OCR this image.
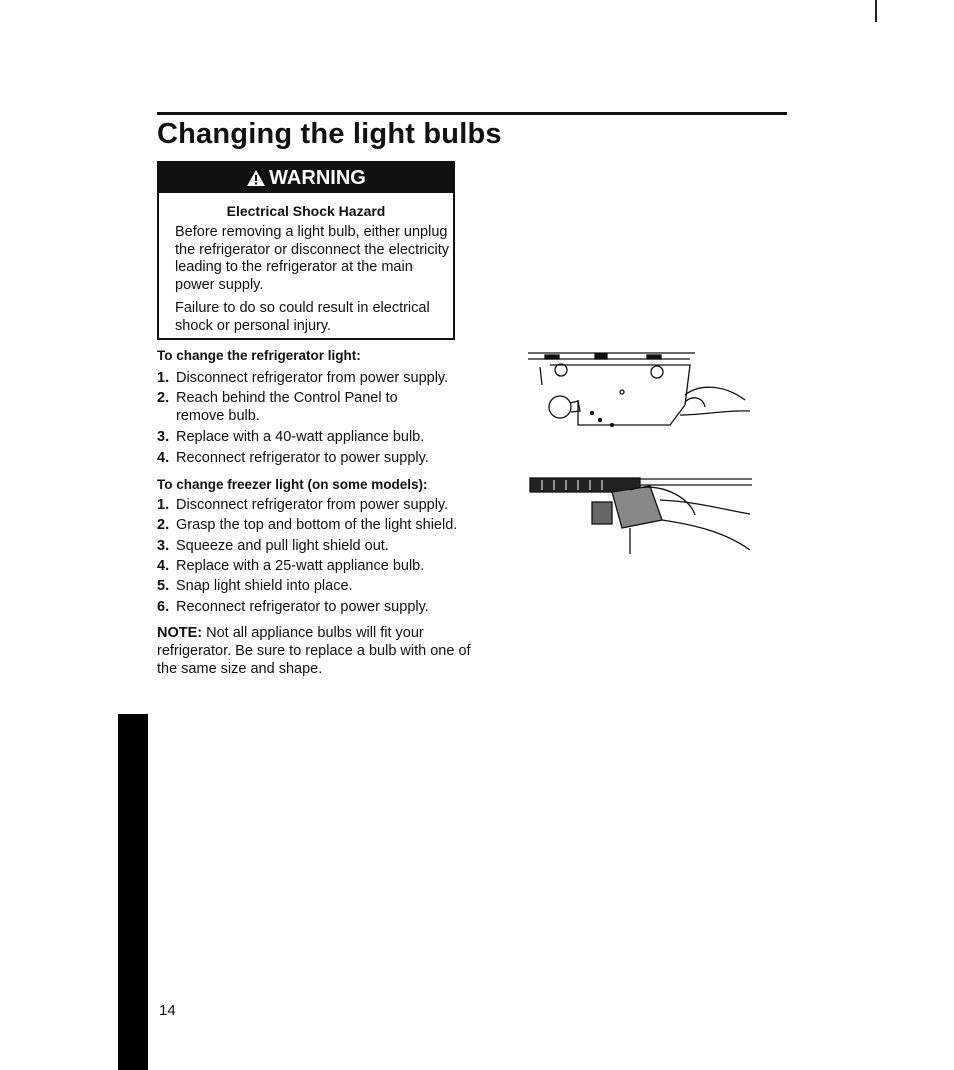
Changing the light bulbs
WARNING
Electrical Shock Hazard
Before removing a light bulb, either unplug the refrigerator or disconnect the electricity leading to the refrigerator at the main power supply.
Failure to do so could result in electrical shock or personal injury.
To change the refrigerator light:
1. Disconnect refrigerator from power supply.
2. Reach behind the Control Panel to remove bulb.
3. Replace with a 40-watt appliance bulb.
4. Reconnect refrigerator to power supply.
To change freezer light (on some models):
1. Disconnect refrigerator from power supply.
2. Grasp the top and bottom of the light shield.
3. Squeeze and pull light shield out.
4. Replace with a 25-watt appliance bulb.
5. Snap light shield into place.
6. Reconnect refrigerator to power supply.
NOTE: Not all appliance bulbs will fit your refrigerator. Be sure to replace a bulb with one of the same size and shape.
14
